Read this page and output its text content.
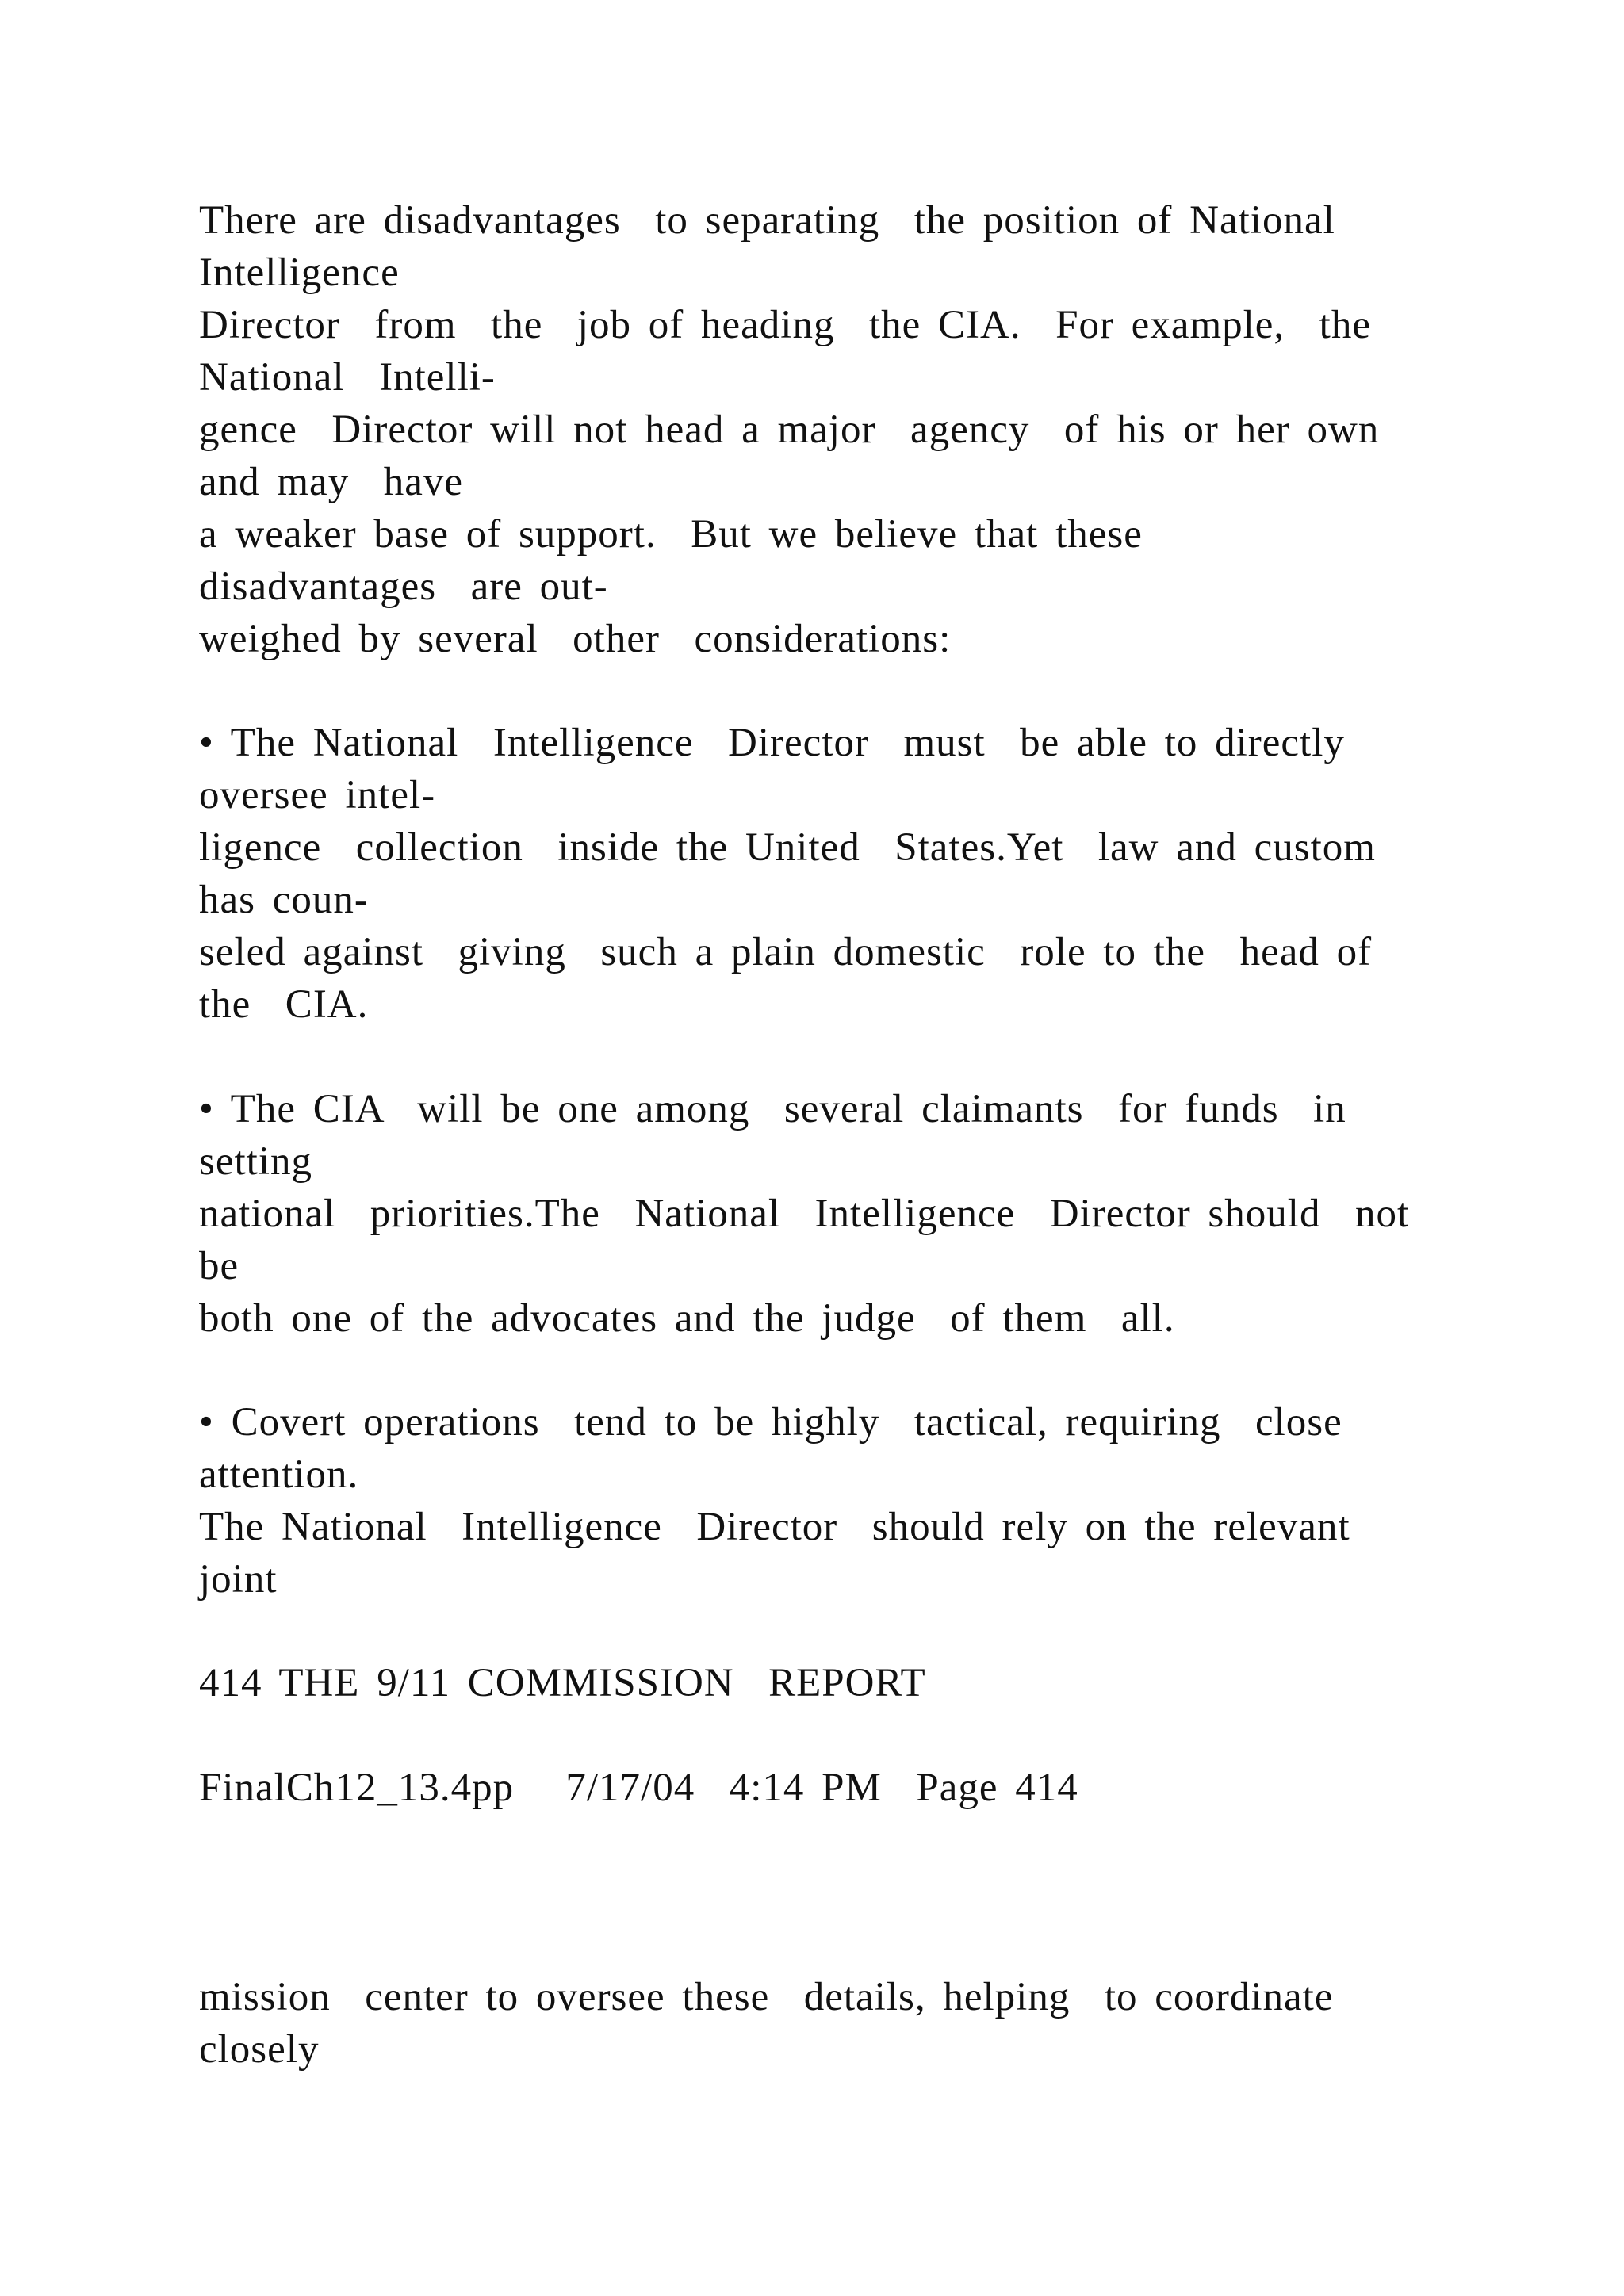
There are disadvantages  to separating  the position of National

Intelligence

Director  from  the  job of heading  the CIA.  For example,  the

National  Intelli-

gence  Director will not head a major  agency  of his or her own

and may  have

a weaker base of support.  But we believe that these

disadvantages  are out-

weighed by several  other  considerations:

• The National  Intelligence  Director  must  be able to directly

oversee intel-

ligence  collection  inside the United  States.Yet  law and custom

has coun-

seled against  giving  such a plain domestic  role to the  head of

the  CIA.

• The CIA  will be one among  several claimants  for funds  in

setting

national  priorities.The  National  Intelligence  Director should  not

be

both one of the advocates and the judge  of them  all.

• Covert operations  tend to be highly  tactical, requiring  close

attention.

The National  Intelligence  Director  should rely on the relevant

joint

414 THE 9/11 COMMISSION  REPORT

FinalCh12_13.4pp   7/17/04  4:14 PM  Page 414

mission  center to oversee these  details, helping  to coordinate

closely
